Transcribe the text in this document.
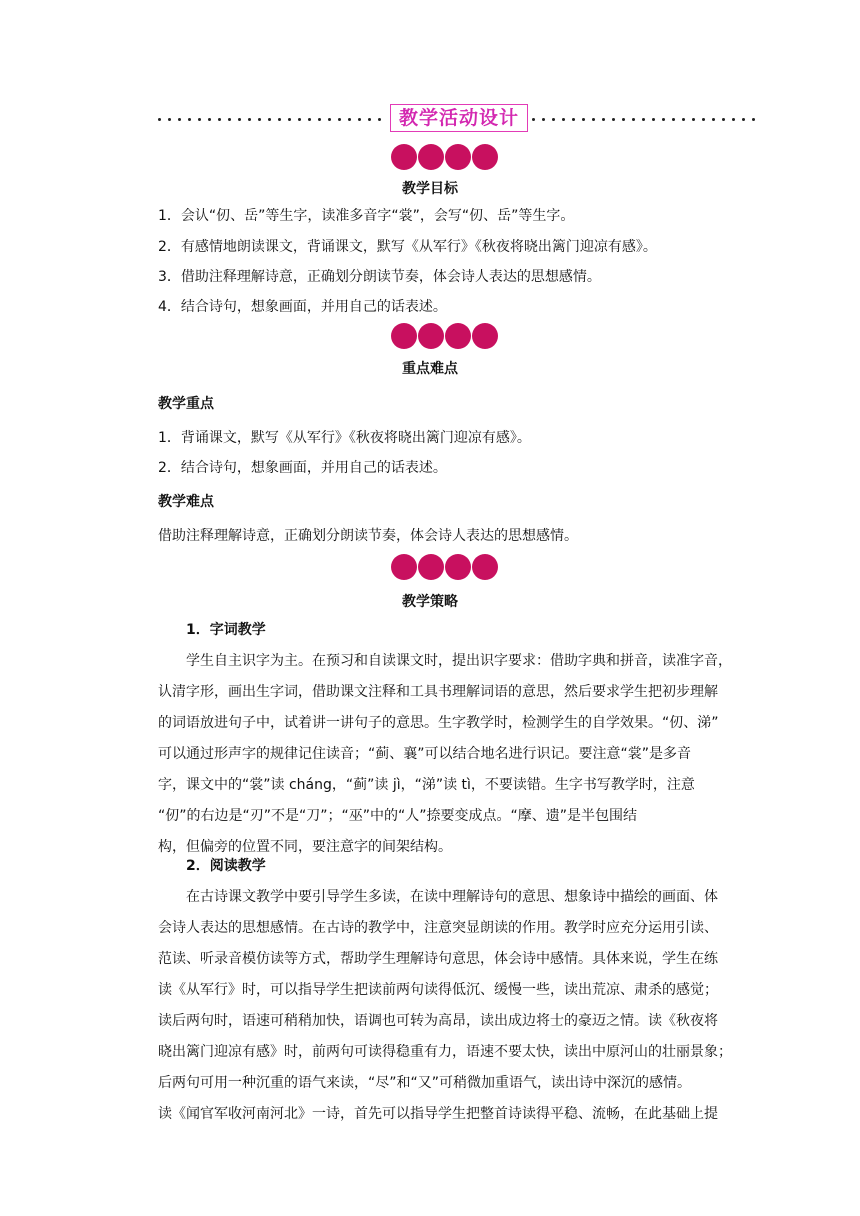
教学活动设计
教学目标
1．会认“仞、岳”等生字，读准多音字“裳”，会写“仞、岳”等生字。
2．有感情地朗读课文，背诵课文，默写《从军行》《秋夜将晓出篱门迎凉有感》。
3．借助注释理解诗意，正确划分朗读节奏，体会诗人表达的思想感情。
4．结合诗句，想象画面，并用自己的话表述。
重点难点
教学重点
1．背诵课文，默写《从军行》《秋夜将晓出篱门迎凉有感》。
2．结合诗句，想象画面，并用自己的话表述。
教学难点
借助注释理解诗意，正确划分朗读节奏，体会诗人表达的思想感情。
教学策略
1．字词教学
学生自主识字为主。在预习和自读课文时，提出识字要求：借助字典和拼音，读准字音，
认清字形，画出生字词，借助课文注释和工具书理解词语的意思，然后要求学生把初步理解
的词语放进句子中，试着讲一讲句子的意思。生字教学时，检测学生的自学效果。“仞、涕”
可以通过形声字的规律记住读音；“蓟、襄”可以结合地名进行识记。要注意“裳”是多音
字，课文中的“裳”读 cháng，“蓟”读 jì，“涕”读 tì，不要读错。生字书写教学时，注意
“仞”的右边是“刃”不是“刀”；“巫”中的“人”捺要变成点。“摩、遗”是半包围结
构，但偏旁的位置不同，要注意字的间架结构。
2．阅读教学
在古诗课文教学中要引导学生多读，在读中理解诗句的意思、想象诗中描绘的画面、体
会诗人表达的思想感情。在古诗的教学中，注意突显朗读的作用。教学时应充分运用引读、
范读、听录音模仿读等方式，帮助学生理解诗句意思，体会诗中感情。具体来说，学生在练
读《从军行》时，可以指导学生把读前两句读得低沉、缓慢一些，读出荒凉、肃杀的感觉；
读后两句时，语速可稍稍加快，语调也可转为高昂，读出成边将士的豪迈之情。读《秋夜将
晓出篱门迎凉有感》时，前两句可读得稳重有力，语速不要太快，读出中原河山的壮丽景象；
后两句可用一种沉重的语气来读，“尽”和“又”可稍微加重语气，读出诗中深沉的感情。
读《闻官军收河南河北》一诗，首先可以指导学生把整首诗读得平稳、流畅，在此基础上提
